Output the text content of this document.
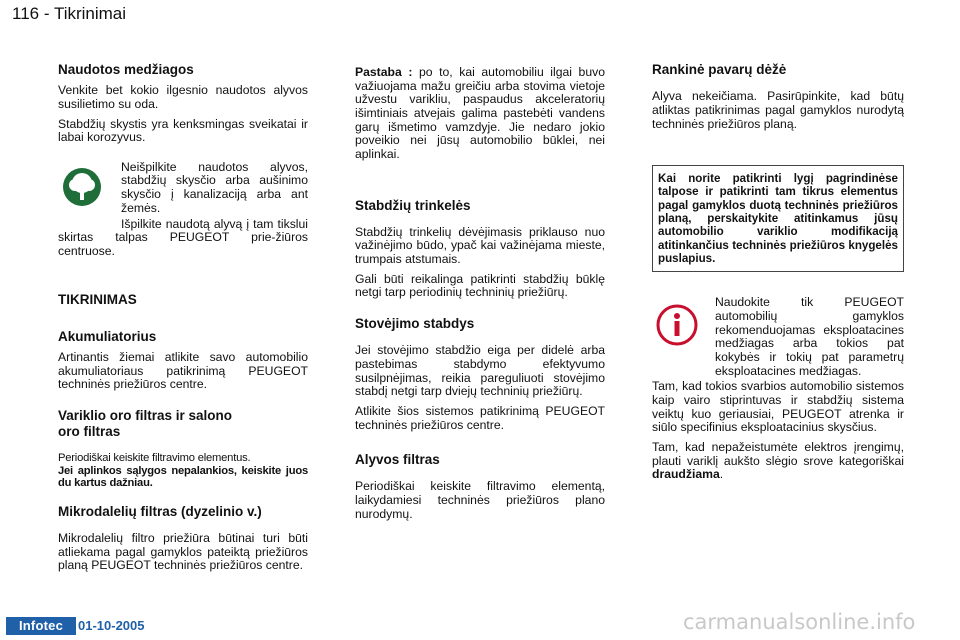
116 - Tikrinimai
Naudotos medžiagos

Venkite bet kokio ilgesnio naudotos alyvos susilietimo su oda.

Stabdžių skystis yra kenksmingas sveikatai ir labai korozyvus.

Neišpilkite naudotos alyvos, stabdžių skysčio arba aušinimo skysčio į kanalizaciją arba ant žemės.

Išpilkite naudotą alyvą į tam tikslui skirtas talpas PEUGEOT prie-žiūros centruose.

TIKRINIMAS
Akumuliatorius

Artinantis žiemai atlikite savo automobilio akumuliatoriaus patikrinimą PEUGEOT techninės priežiūros centre.

Variklio oro filtras ir salono
oro filtras

Periodiškai keiskite filtravimo elementus.

Jei aplinkos sąlygos nepalankios, keiskite juos du kartus dažniau.

Mikrodalelių filtras (dyzelinio v.)

Mikrodalelių filtro priežiūra būtinai turi būti atliekama pagal gamyklos pateiktą priežiūros planą PEUGEOT techninės priežiūros centre.

Pastaba : po to, kai automobiliu ilgai buvo važiuojama mažu greičiu arba stovima vietoje užvestu varikliu, paspaudus akceleratorių išimtiniais atvejais galima pastebėti vandens garų išmetimo vamzdyje. Jie nedaro jokio poveikio nei jūsų automobilio būklei, nei aplinkai.

Stabdžių trinkelės

Stabdžių trinkelių dėvėjimasis priklauso nuo važinėjimo būdo, ypač kai važinėjama mieste, trumpais atstumais.

Gali būti reikalinga patikrinti stabdžių būklę netgi tarp periodinių techninių priežiūrų.

Stovėjimo stabdys

Jei stovėjimo stabdžio eiga per didelė arba pastebimas stabdymo efektyvumo susilpnėjimas, reikia pareguliuoti stovėjimo stabdį netgi tarp dviejų techninių priežiūrų.

Atlikite šios sistemos patikrinimą PEUGEOT techninės priežiūros centre.

Alyvos filtras

Periodiškai keiskite filtravimo elementą, laikydamiesi techninės priežiūros plano nurodymų.

Rankinė pavarų dėžė

Alyva nekeičiama. Pasirūpinkite, kad būtų atliktas patikrinimas pagal gamyklos nurodytą techninės priežiūros planą.

Kai norite patikrinti lygį pagrindinėse talpose ir patikrinti tam tikrus elementus pagal gamyklos duotą techninės priežiūros planą, perskaitykite atitinkamus jūsų automobilio variklio modifikaciją atitinkančius techninės priežiūros knygelės puslapius.

Naudokite tik PEUGEOT automobilių gamyklos rekomenduojamas eksploatacines medžiagas arba tokios pat kokybės ir tokių pat parametrų eksploatacines medžiagas.

Tam, kad tokios svarbios automobilio sistemos kaip vairo stiprintuvas ir stabdžių sistema veiktų kuo geriausiai, PEUGEOT atrenka ir siūlo specifinius eksploatacinius skysčius.

Tam, kad nepažeistumėte elektros įrengimų, plauti variklį aukšto slėgio srove kategoriškai draudžiama.

Infotec	01-10-2005	carmanualsonline.info
